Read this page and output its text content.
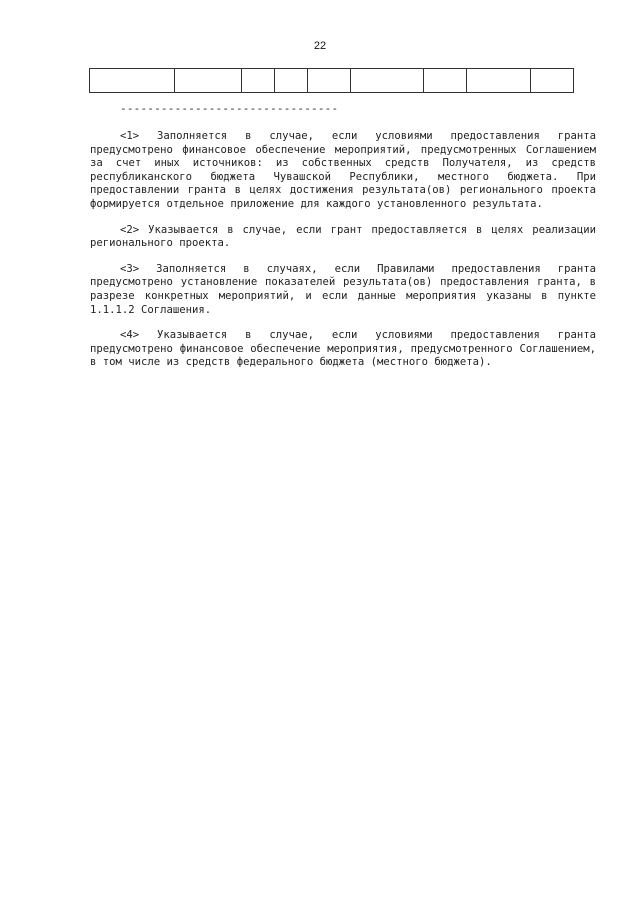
22

--------------------------------

<1> Заполняется в случае, если условиями предоставления гранта предусмотрено финансовое обеспечение мероприятий, предусмотренных Соглашением за счет иных источников: из собственных средств Получателя, из средств республиканского бюджета Чувашской Республики, местного бюджета. При предоставлении гранта в целях достижения результата(ов) регионального проекта формируется отдельное приложение для каждого установленного результата.

<2> Указывается в случае, если грант предоставляется в целях реализации регионального проекта.

<3> Заполняется в случаях, если Правилами предоставления гранта предусмотрено установление показателей результата(ов) предоставления гранта, в разрезе конкретных мероприятий, и если данные мероприятия указаны в пункте 1.1.1.2 Соглашения.

<4> Указывается в случае, если условиями предоставления гранта предусмотрено финансовое обеспечение мероприятия, предусмотренного Соглашением, в том числе из средств федерального бюджета (местного бюджета).
